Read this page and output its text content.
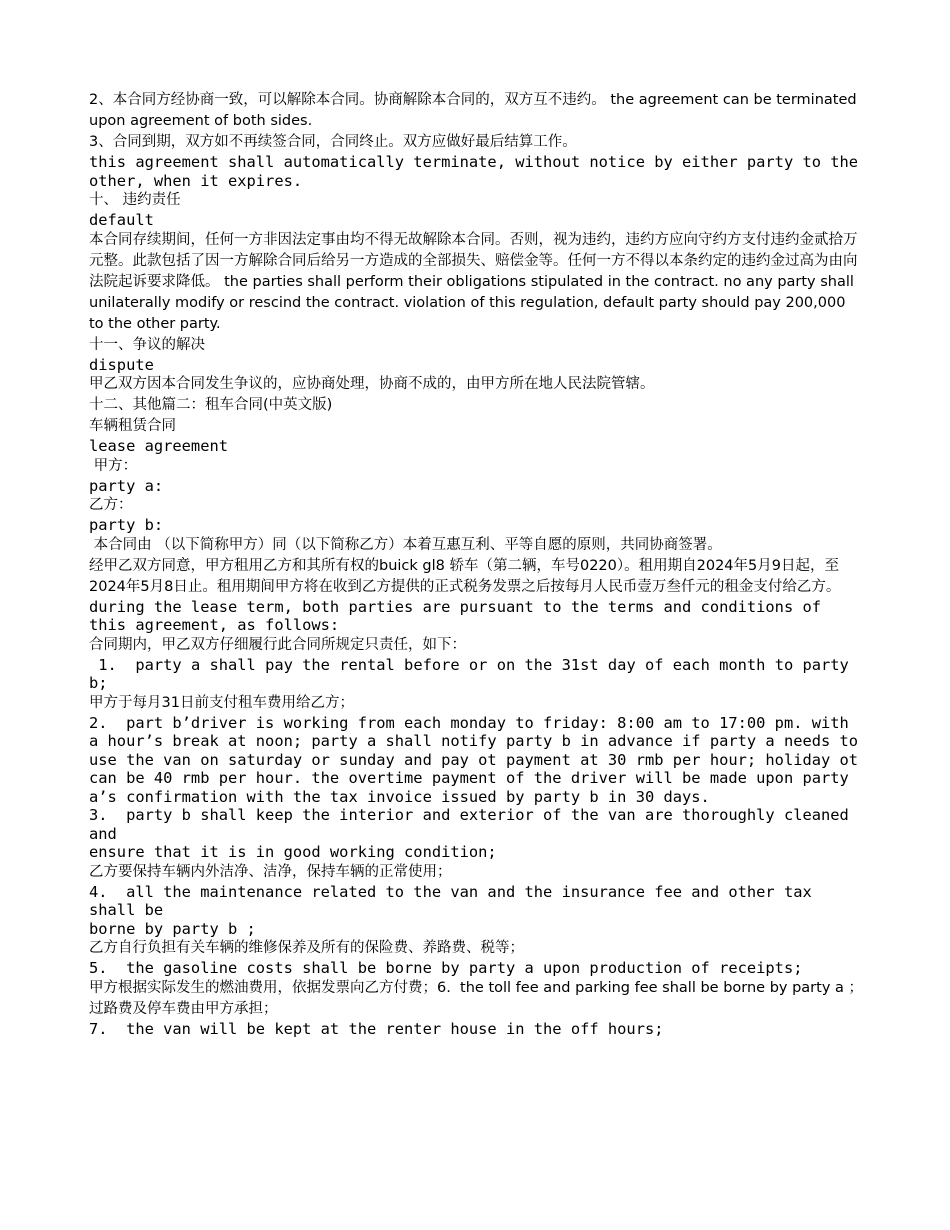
2、本合同方经协商一致，可以解除本合同。协商解除本合同的，双方互不违约。 the agreement can be terminated upon agreement of both sides.

3、合同到期，双方如不再续签合同，合同终止。双方应做好最后结算工作。

this agreement shall automatically terminate, without notice by either party to the other, when it expires.

十、 违约责任

default

本合同存续期间，任何一方非因法定事由均不得无故解除本合同。否则，视为违约，违约方应向守约方支付违约金贰拾万元整。此款包括了因一方解除合同后给另一方造成的全部损失、赔偿金等。任何一方不得以本条约定的违约金过高为由向法院起诉要求降低。 the parties shall perform their obligations stipulated in the contract. no any party shall unilaterally modify or rescind the contract. violation of this regulation, default party should pay 200,000 to the other party.

十一、争议的解决

dispute

甲乙双方因本合同发生争议的，应协商处理，协商不成的，由甲方所在地人民法院管辖。

十二、其他篇二：租车合同(中英文版)

车辆租赁合同

lease agreement

甲方：

party a:

乙方：

party b:

本合同由 （以下简称甲方）同（以下简称乙方）本着互惠互利、平等自愿的原则，共同协商签署。

经甲乙双方同意，甲方租用乙方和其所有权的buick gl8 轿车（第二辆，车号0220）。租用期自2024年5月9日起，至2024年5月8日止。租用期间甲方将在收到乙方提供的正式税务发票之后按每月人民币壹万叁仟元的租金支付给乙方。

during the lease term, both parties are pursuant to the terms and conditions of this agreement, as follows:

合同期内，甲乙双方仔细履行此合同所规定只责任，如下：

1.  party a shall pay the rental before or on the 31st day of each month to party b;

甲方于每月31日前支付租车费用给乙方；

2.  part b’driver is working from each monday to friday: 8:00 am to 17:00 pm. with a hour’s break at noon; party a shall notify party b in advance if party a needs to use the van on saturday or sunday and pay ot payment at 30 rmb per hour; holiday ot can be 40 rmb per hour. the overtime payment of the driver will be made upon party a’s confirmation with the tax invoice issued by party b in 30 days.

3.  party b shall keep the interior and exterior of the van are thoroughly cleaned and

ensure that it is in good working condition;

乙方要保持车辆内外洁净、洁净，保持车辆的正常使用；

4.  all the maintenance related to the van and the insurance fee and other tax shall be

borne by party b ;

乙方自行负担有关车辆的维修保养及所有的保险费、养路费、税等；

5.  the gasoline costs shall be borne by party a upon production of receipts;

甲方根据实际发生的燃油费用，依据发票向乙方付费；6.  the toll fee and parking fee shall be borne by party a ；

过路费及停车费由甲方承担；

7.  the van will be kept at the renter house in the off hours;
